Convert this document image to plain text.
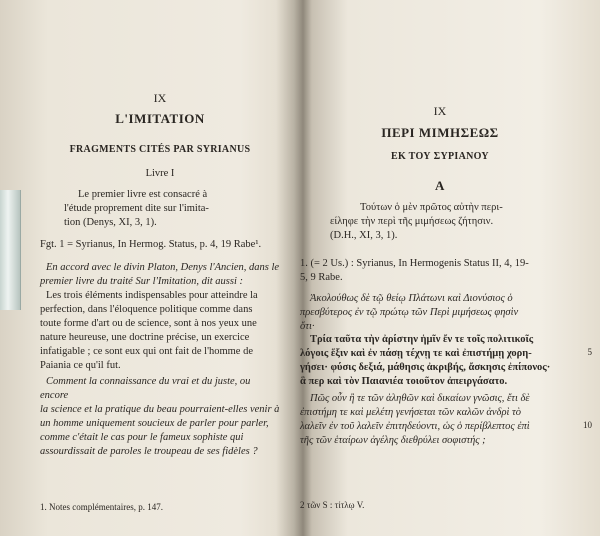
IX
L'IMITATION
FRAGMENTS CITÉS PAR SYRIANUS
Livre I
Le premier livre est consacré à
l'étude proprement dite sur l'imita-
tion (Denys, XI, 3, 1).
Fgt. 1 = Syrianus, In Hermog. Status, p. 4, 19 Rabe¹.
En accord avec le divin Platon, Denys l'Ancien, dans le
premier livre du traité Sur l'Imitation, dit aussi :
Les trois éléments indispensables pour atteindre la
perfection, dans l'éloquence politique comme dans
toute forme d'art ou de science, sont à nos yeux une
nature heureuse, une doctrine précise, un exercice
infatigable ; ce sont eux qui ont fait de l'homme de
Paiania ce qu'il fut.
Comment la connaissance du vrai et du juste, ou encore
la science et la pratique du beau pourraient-elles venir à
un homme uniquement soucieux de parler pour parler,
comme c'était le cas pour le fameux sophiste qui
assourdissait de paroles le troupeau de ses fidèles ?
1. Notes complémentaires, p. 147.
IX
ΠΕΡΙ ΜΙΜΗΣΕΩΣ
ΕΚ ΤΟΥ ΣΥΡΙΑΝΟΥ
Α
Τούτων ὁ μὲν πρῶτος αὐτὴν περι-
είληφε τὴν περὶ τῆς μιμήσεως ζήτησιν.
(D.H., XI, 3, 1).
1. (= 2 Us.) : Syrianus, In Hermogenis Status II, 4, 19-
5, 9 Rabe.
Ἀκολούθως δὲ τῷ θείῳ Πλάτωνι καὶ Διονύσιος ὁ
πρεσβύτερος ἐν τῷ πρώτῳ τῶν Περὶ μιμήσεως φησὶν
ὅτι·
Τρία ταῦτα τὴν ἀρίστην ἡμῖν ἔν τε τοῖς πολιτικοῖς
λόγοις ἕξιν καὶ ἐν πάσῃ τέχνῃ τε καὶ ἐπιστήμῃ χορη-
γήσει· φύσις δεξιά, μάθησις ἀκριβής, ἄσκησις ἐπίπονος·
ἃ περ καὶ τὸν Παιανιέα τοιοῦτον ἀπειργάσατο.
5
Πῶς οὖν ἢ τε τῶν ἀληθῶν καὶ δικαίων γνῶσις, ἔτι δὲ
ἐπιστήμη τε καὶ μελέτη γενήσεται τῶν καλῶν ἀνδρὶ τὸ
λαλεῖν ἐν τοῦ λαλεῖν ἐπιτηδεύοντι, ὡς ὁ περίβλεπτος ἐπὶ
τῆς τῶν ἑταίρων ἀγέλης διεθρύλει σοφιστής ;
10
2 τῶν S : τίτλῳ V.
